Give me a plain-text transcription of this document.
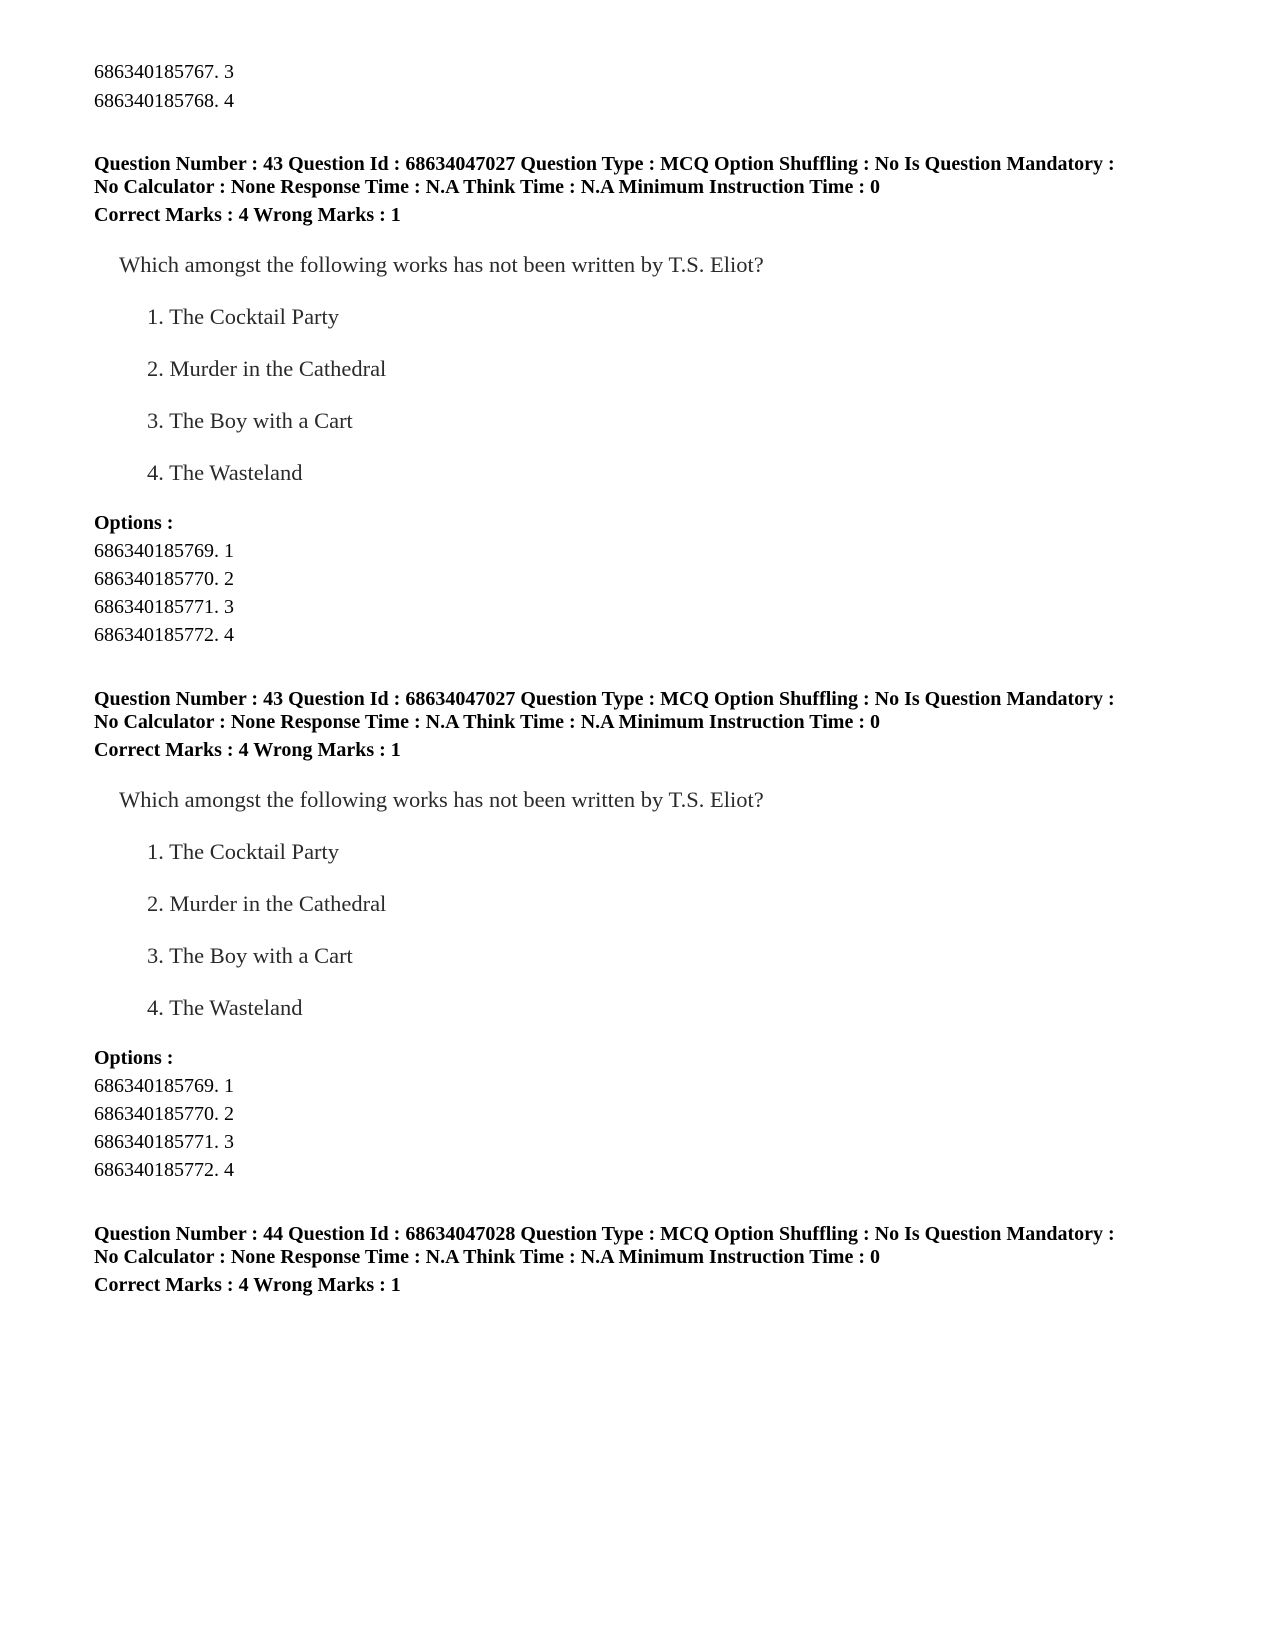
686340185767. 3
686340185768. 4
Question Number : 43 Question Id : 68634047027 Question Type : MCQ Option Shuffling : No Is Question Mandatory :
No Calculator : None Response Time : N.A Think Time : N.A Minimum Instruction Time : 0
Correct Marks : 4 Wrong Marks : 1
Which amongst the following works has not been written by T.S. Eliot?
1. The Cocktail Party
2. Murder in the Cathedral
3. The Boy with a Cart
4. The Wasteland
Options :
686340185769. 1
686340185770. 2
686340185771. 3
686340185772. 4
Question Number : 43 Question Id : 68634047027 Question Type : MCQ Option Shuffling : No Is Question Mandatory :
No Calculator : None Response Time : N.A Think Time : N.A Minimum Instruction Time : 0
Correct Marks : 4 Wrong Marks : 1
Which amongst the following works has not been written by T.S. Eliot?
1. The Cocktail Party
2. Murder in the Cathedral
3. The Boy with a Cart
4. The Wasteland
Options :
686340185769. 1
686340185770. 2
686340185771. 3
686340185772. 4
Question Number : 44 Question Id : 68634047028 Question Type : MCQ Option Shuffling : No Is Question Mandatory :
No Calculator : None Response Time : N.A Think Time : N.A Minimum Instruction Time : 0
Correct Marks : 4 Wrong Marks : 1
